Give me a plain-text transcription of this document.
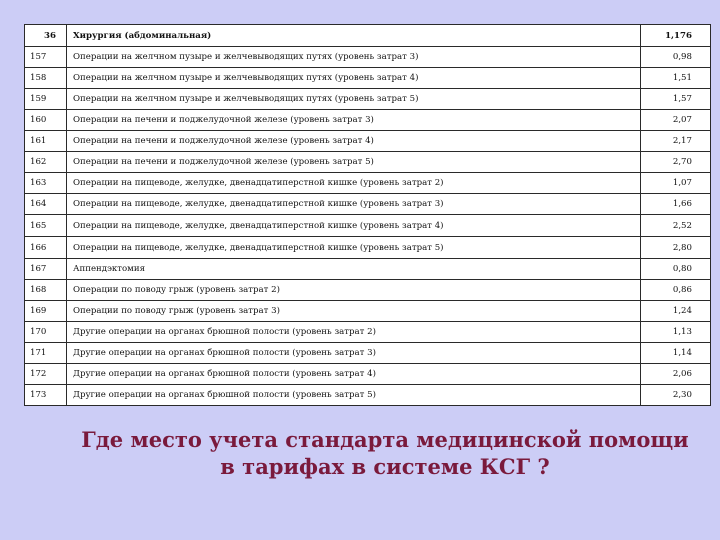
36	Хирургия (абдоминальная)	1,176
157	Операции на желчном пузыре и желчевыводящих путях (уровень затрат 3)	0,98
158	Операции на желчном пузыре и желчевыводящих путях (уровень затрат 4)	1,51
159	Операции на желчном пузыре и желчевыводящих путях (уровень затрат 5)	1,57
160	Операции на печени и поджелудочной железе (уровень затрат 3)	2,07
161	Операции на печени и поджелудочной железе (уровень затрат 4)	2,17
162	Операции на печени и поджелудочной железе (уровень затрат 5)	2,70
163	Операции на пищеводе, желудке, двенадцатиперстной кишке (уровень затрат 2)	1,07
164	Операции на пищеводе, желудке, двенадцатиперстной кишке (уровень затрат 3)	1,66
165	Операции на пищеводе, желудке, двенадцатиперстной кишке (уровень затрат 4)	2,52
166	Операции на пищеводе, желудке, двенадцатиперстной кишке (уровень затрат 5)	2,80
167	Аппендэктомия	0,80
168	Операции по поводу грыж (уровень затрат 2)	0,86
169	Операции по поводу грыж (уровень затрат 3)	1,24
170	Другие операции на органах брюшной полости (уровень затрат 2)	1,13
171	Другие операции на органах брюшной полости (уровень затрат 3)	1,14
172	Другие операции на органах брюшной полости (уровень затрат 4)	2,06
173	Другие операции на органах брюшной полости (уровень затрат 5)	2,30
Где место учета стандарта медицинской помощи
в тарифах в системе КСГ ?
